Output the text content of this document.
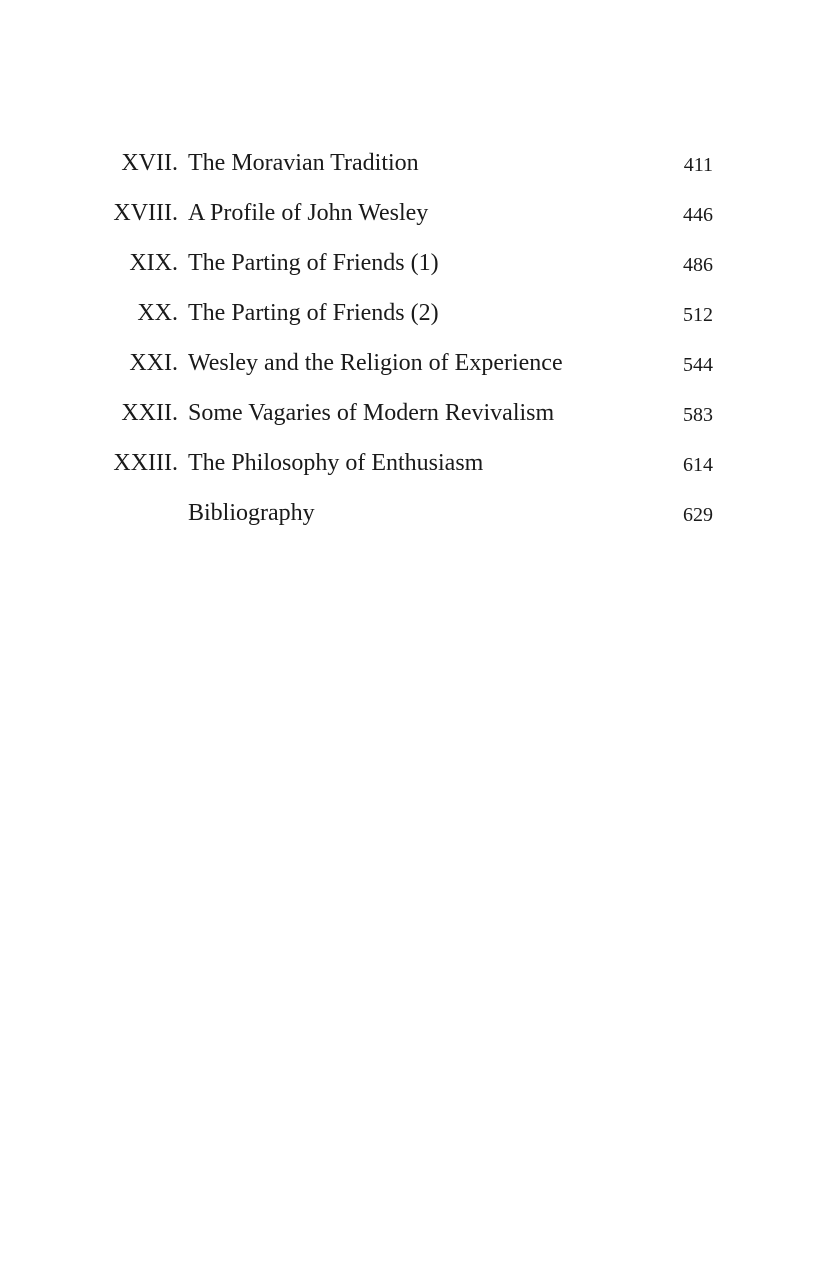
XVII. The Moravian Tradition	411
XVIII. A Profile of John Wesley	446
XIX. The Parting of Friends (1)	486
XX. The Parting of Friends (2)	512
XXI. Wesley and the Religion of Experience	544
XXII. Some Vagaries of Modern Revivalism	583
XXIII. The Philosophy of Enthusiasm	614
Bibliography	629
